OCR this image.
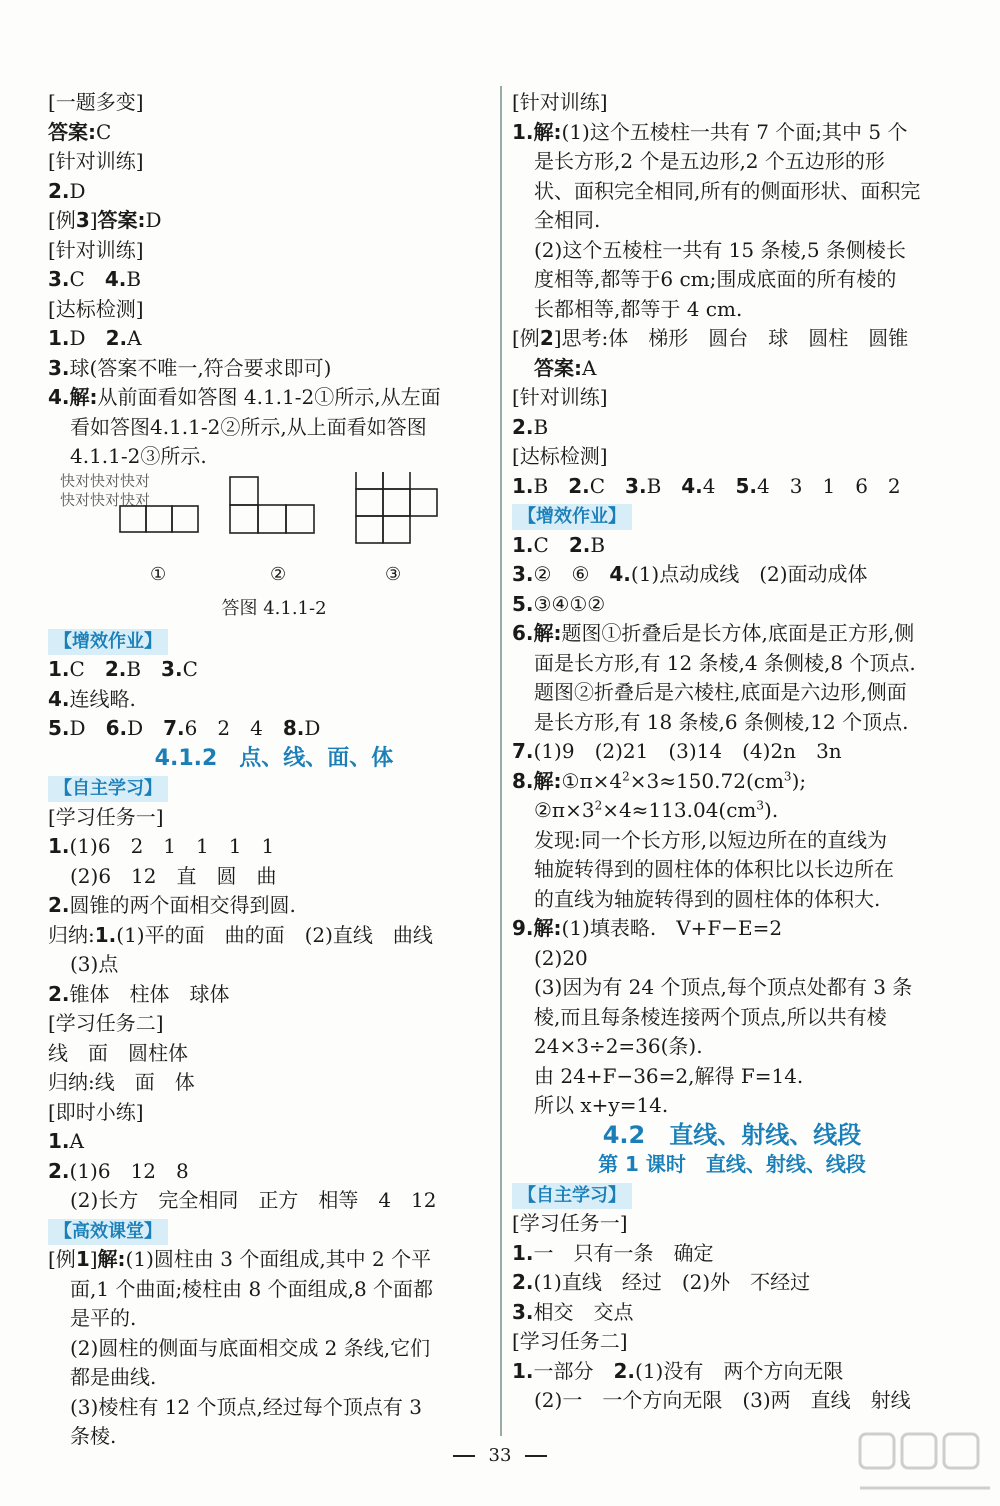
[一题多变]
答案:C
[针对训练]
2.D
[例3]答案:D
[针对训练]
3.C　 4.B
[达标检测]
1.D　 2.A
3.球(答案不唯一,符合要求即可)
4.解:从前面看如答图 4.1.1-2①所示,从左面
看如答图4.1.1-2②所示,从上面看如答图
4.1.1-2③所示.
快对快对快对
快对快对快对
①	②	③
答图 4.1.1-2
【增效作业】
1.C　 2.B　 3.C
4.连线略.
5.D　 6.D　 7.6　2　4　 8.D
4.1.2　点、线、面、体
【自主学习】
[学习任务一]
1.(1)6　2　1　1　1　1
(2)6　12　直　圆　曲
2.圆锥的两个面相交得到圆.
归纳:1.(1)平的面　曲的面　(2)直线　曲线
(3)点
2.锥体　柱体　球体
[学习任务二]
线　面　圆柱体
归纳:线　面　体
[即时小练]
1.A
2.(1)6　12　8
(2)长方　完全相同　正方　相等　4　12
【高效课堂】
[例1]解:(1)圆柱由 3 个面组成,其中 2 个平
面,1 个曲面;棱柱由 8 个面组成,8 个面都
是平的.
(2)圆柱的侧面与底面相交成 2 条线,它们
都是曲线.
(3)棱柱有 12 个顶点,经过每个顶点有 3
条棱.
[针对训练]
1.解:(1)这个五棱柱一共有 7 个面;其中 5 个
是长方形,2 个是五边形,2 个五边形的形
状、面积完全相同,所有的侧面形状、面积完
全相同.
(2)这个五棱柱一共有 15 条棱,5 条侧棱长
度相等,都等于6 cm;围成底面的所有棱的
长都相等,都等于 4 cm.
[例2]思考:体　梯形　圆台　球　圆柱　圆锥
答案:A
[针对训练]
2.B
[达标检测]
1.B　 2.C　 3.B　 4.4　 5.4　3　1　6　2
【增效作业】
1.C　 2.B
3.②　⑥　 4.(1)点动成线　(2)面动成体
5.③④①②
6.解:题图①折叠后是长方体,底面是正方形,侧
面是长方形,有 12 条棱,4 条侧棱,8 个顶点.
题图②折叠后是六棱柱,底面是六边形,侧面
是长方形,有 18 条棱,6 条侧棱,12 个顶点.
7.(1)9　(2)21　(3)14　(4)2n　3n
8.解$:①\pi\times 4^2\times 3\approx 150.72(cm^3)$;
$②\pi\times 3^2\times 4\approx 113.04(cm^3)$.
发现:同一个长方形,以短边所在的直线为
轴旋转得到的圆柱体的体积比以长边所在
的直线为轴旋转得到的圆柱体的体积大.
9.解:(1)填表略.　V+F−E=2
(2)20
(3)因为有 24 个顶点,每个顶点处都有 3 条
棱,而且每条棱连接两个顶点,所以共有棱
24×3÷2=36(条).
由 24+F−36=2,解得 F=14.
所以 x+y=14.
4.2　直线、射线、线段
第 1 课时　直线、射线、线段
【自主学习】
[学习任务一]
1.一　只有一条　确定
2.(1)直线　经过　(2)外　不经过
3.相交　交点
[学习任务二]
1.一部分　 2.(1)没有　两个方向无限
(2)一　一个方向无限　(3)两　直线　射线
33
